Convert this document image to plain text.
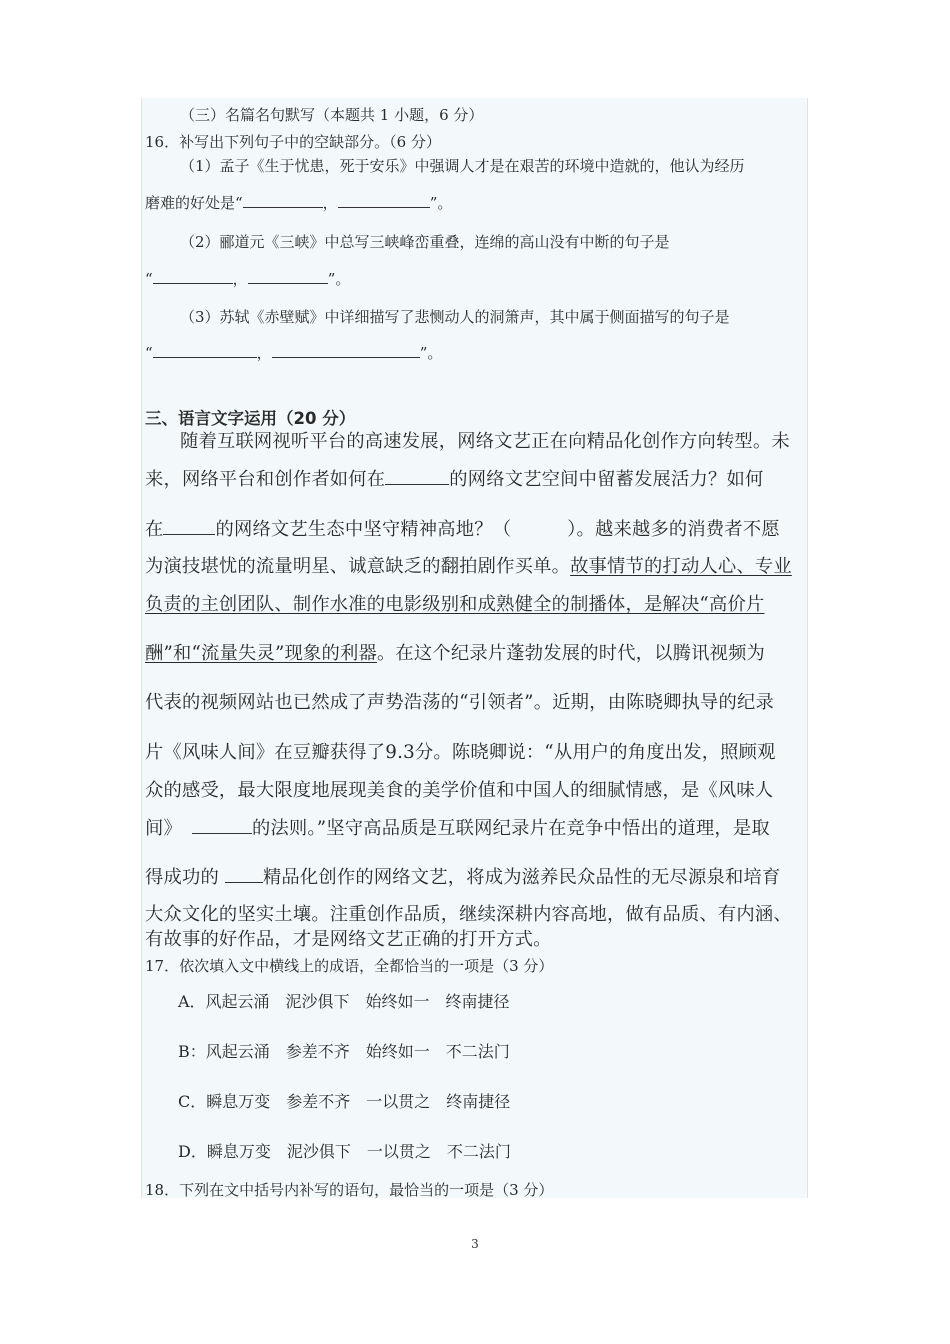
（三）名篇名句默写（本题共 1 小题，6 分）
16．补写出下列句子中的空缺部分。（6 分）
（1）孟子《生于忧患，死于安乐》中强调人才是在艰苦的环境中造就的，他认为经历
磨难的好处是“	，	”。
（2）郦道元《三峡》中总写三峡峰峦重叠，连绵的高山没有中断的句子是
“	，	”。
（3）苏轼《赤壁赋》中详细描写了悲恻动人的洞箫声，其中属于侧面描写的句子是
“	，	”。
三、语言文字运用（20 分）
随着互联网视听平台的高速发展，网络文艺正在向精品化创作方向转型。未
来，网络平台和创作者如何在	的网络文艺空间中留蓄发展活力？如何
在	的网络文艺生态中坚守精神高地？（	）。越来越多的消费者不愿
为演技堪忧的流量明星、诚意缺乏的翻拍剧作买单。故事情节的打动人心、专业
负责的主创团队、制作水准的电影级别和成熟健全的制播体，是解决“高价片
酬”和“流量失灵”现象的利器。在这个纪录片蓬勃发展的时代，以腾讯视频为
代表的视频网站也已然成了声势浩荡的“引领者”。近期，由陈晓卿执导的纪录
片《风味人间》在豆瓣获得了9.3分。陈晓卿说：“从用户的角度出发，照顾观
众的感受，最大限度地展现美食的美学价值和中国人的细腻情感，是《风味人
间》	的法则。”坚守高品质是互联网纪录片在竞争中悟出的道理，是取
得成功的 精品化创作的网络文艺，将成为滋养民众品性的无尽源泉和培育
大众文化的坚实土壤。注重创作品质，继续深耕内容高地，做有品质、有内涵、
有故事的好作品，才是网络文艺正确的打开方式。
17．依次填入文中横线上的成语，全都恰当的一项是（3 分）
A．风起云涌　泥沙俱下　始终如一　终南捷径
B：风起云涌　参差不齐　始终如一　不二法门
C．瞬息万变　参差不齐　一以贯之　终南捷径
D．瞬息万变　泥沙俱下　一以贯之　不二法门
18．下列在文中括号内补写的语句，最恰当的一项是（3 分）
3
